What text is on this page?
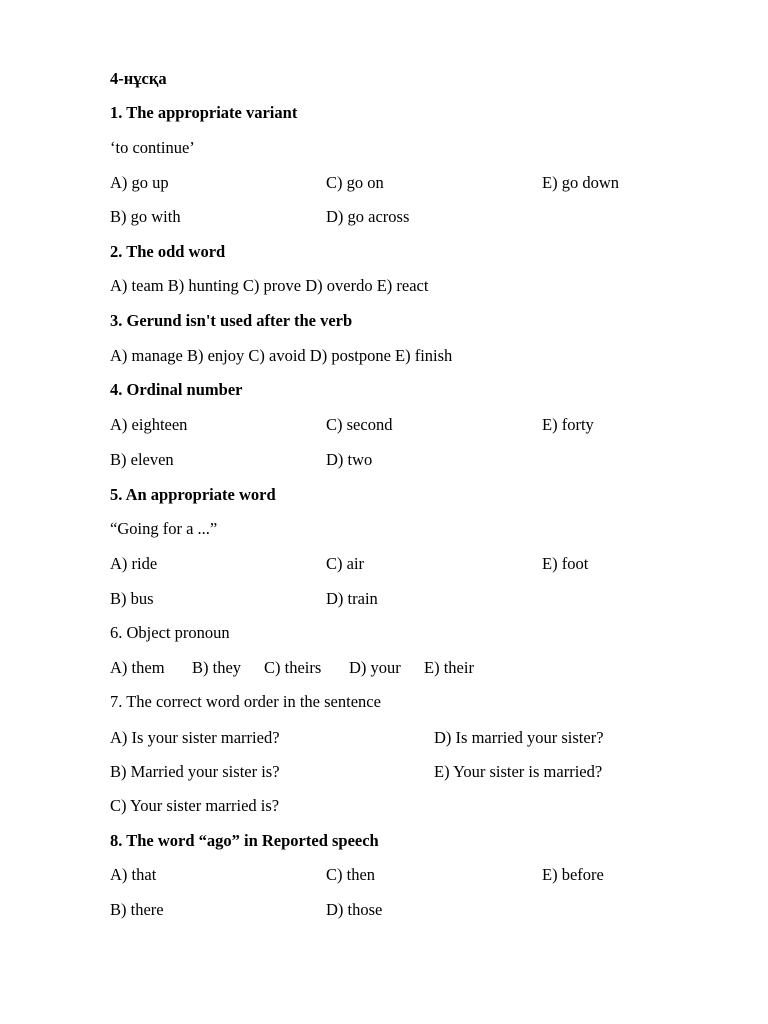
4-нұсқа
1. The appropriate variant
‘to continue’
A) go up	C) go on	E) go down
B) go with	D) go across
2. The odd word
A) team B) hunting C) prove D) overdo E) react
3. Gerund isn't used after the verb
A) manage B) enjoy C) avoid D) postpone E) finish
4. Ordinal number
A) eighteen	C) second	E) forty
B) eleven	D) two
5. An appropriate word
“Going for a ...”
A) ride	C) air	E) foot
B) bus	D) train
6. Object pronoun
A) them B) they C) theirs D) your E) their
7. The correct word order in the sentence
A) Is your sister married?	D) Is married your sister?
B) Married your sister is?	E) Your sister is married?
C) Your sister married is?
8. The word “ago” in Reported speech
A) that	C) then	E) before
B) there	D) those
